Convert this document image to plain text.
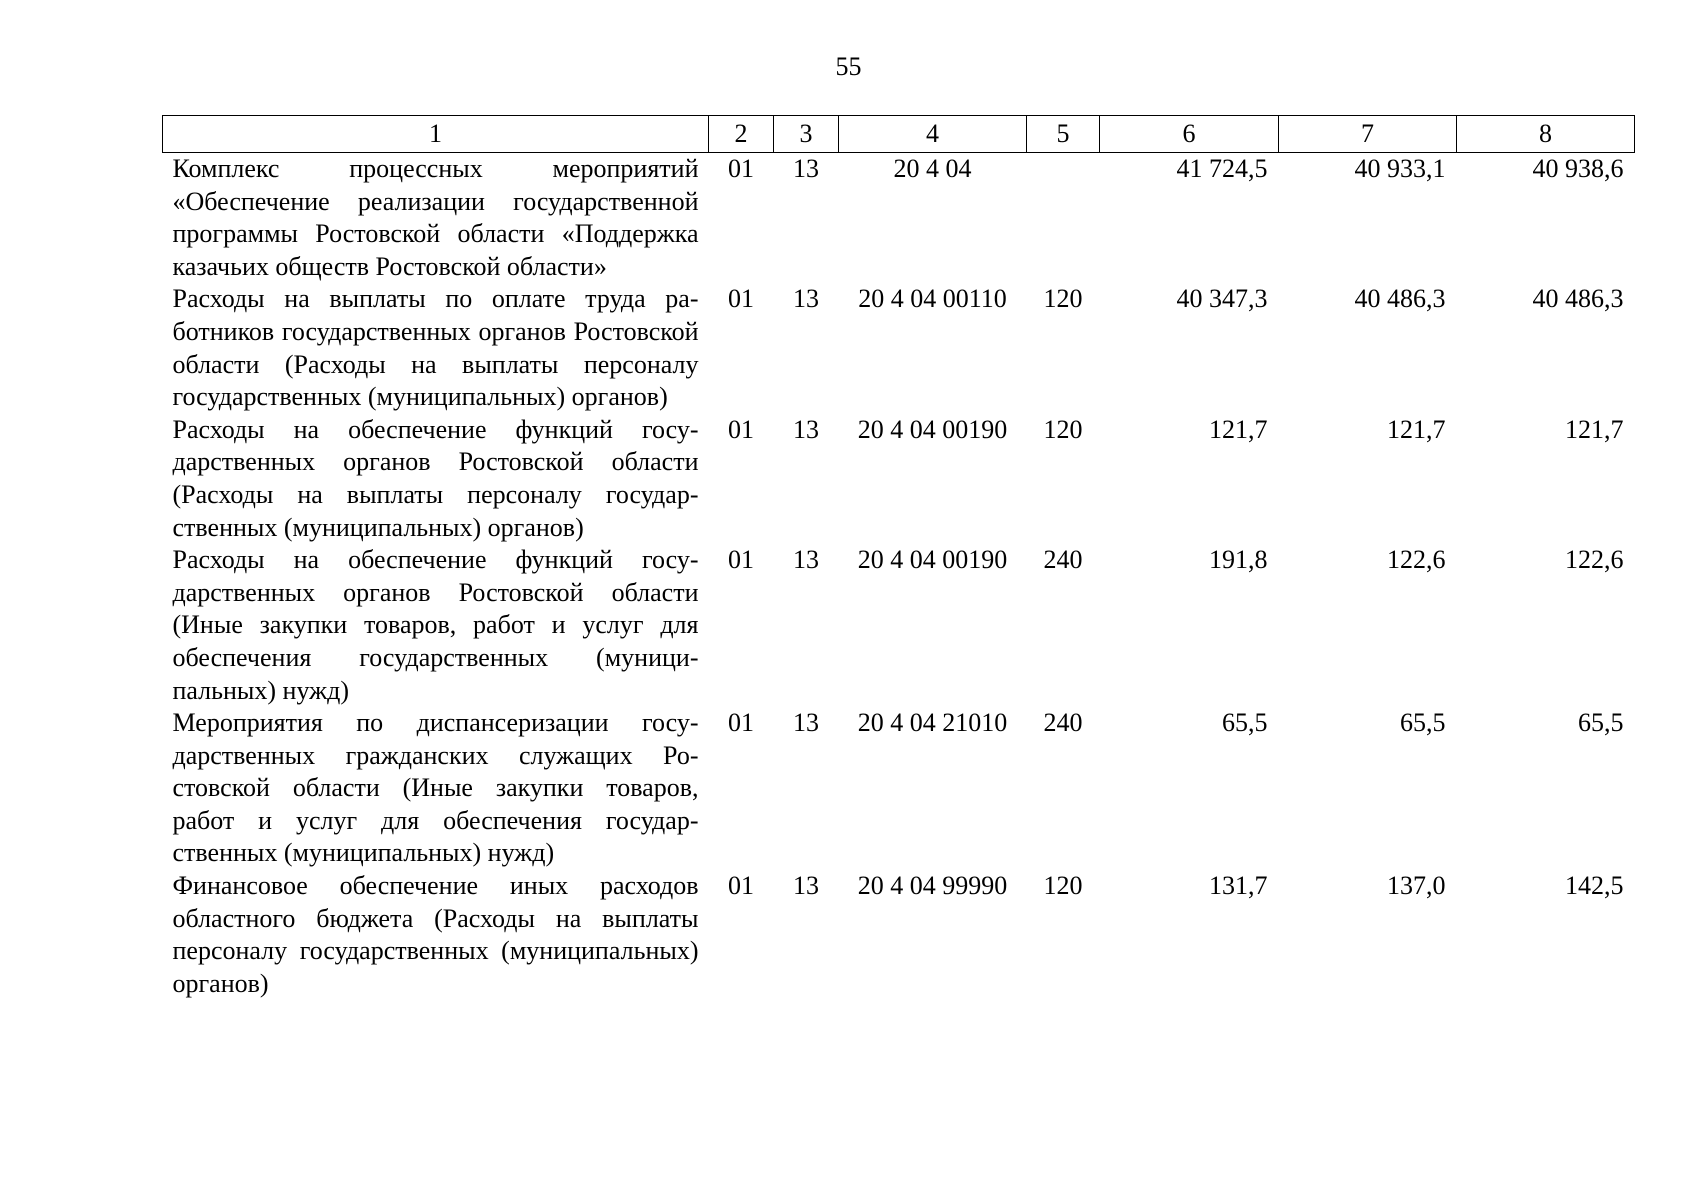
55
1	2	3	4	5	6	7	8
Комплекс процессных мероприятий «Обеспечение реализации государственной программы Ростовской области «Поддержка казачьих обществ Ростовской области»	01	13	20 4 04		41 724,5	40 933,1	40 938,6
Расходы на выплаты по оплате труда работников государственных органов Ростовской области (Расходы на выплаты персоналу государственных (муниципальных) органов)	01	13	20 4 04 00110	120	40 347,3	40 486,3	40 486,3
Расходы на обеспечение функций государственных органов Ростовской области (Расходы на выплаты персоналу государственных (муниципальных) органов)	01	13	20 4 04 00190	120	121,7	121,7	121,7
Расходы на обеспечение функций государственных органов Ростовской области (Иные закупки товаров, работ и услуг для обеспечения государственных (муниципальных) нужд)	01	13	20 4 04 00190	240	191,8	122,6	122,6
Мероприятия по диспансеризации государственных гражданских служащих Ростовской области (Иные закупки товаров, работ и услуг для обеспечения государственных (муниципальных) нужд)	01	13	20 4 04 21010	240	65,5	65,5	65,5
Финансовое обеспечение иных расходов областного бюджета (Расходы на выплаты персоналу государственных (муниципальных) органов)	01	13	20 4 04 99990	120	131,7	137,0	142,5
